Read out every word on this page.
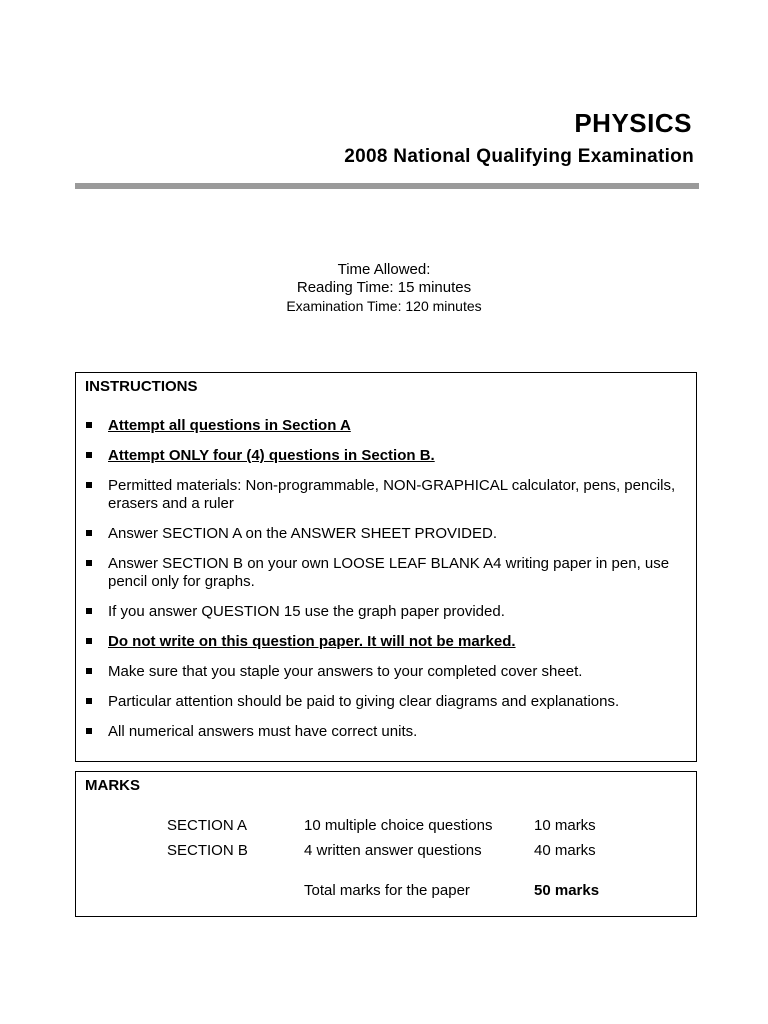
PHYSICS
2008 National Qualifying Examination
Time Allowed:
Reading Time: 15 minutes
Examination Time: 120 minutes
INSTRUCTIONS
Attempt all questions in Section A
Attempt ONLY four (4) questions in Section B.
Permitted materials: Non-programmable, NON-GRAPHICAL calculator, pens, pencils, erasers and a ruler
Answer SECTION A on the ANSWER SHEET PROVIDED.
Answer SECTION B on your own LOOSE LEAF BLANK A4 writing paper in pen, use pencil only for graphs.
If you answer QUESTION 15 use the graph paper provided.
Do not write on this question paper. It will not be marked.
Make sure that you staple your answers to your completed cover sheet.
Particular attention should be paid to giving clear diagrams and explanations.
All numerical answers must have correct units.
MARKS
SECTION A	10 multiple choice questions	10 marks
SECTION B	4 written answer questions	40 marks
Total marks for the paper	50 marks
